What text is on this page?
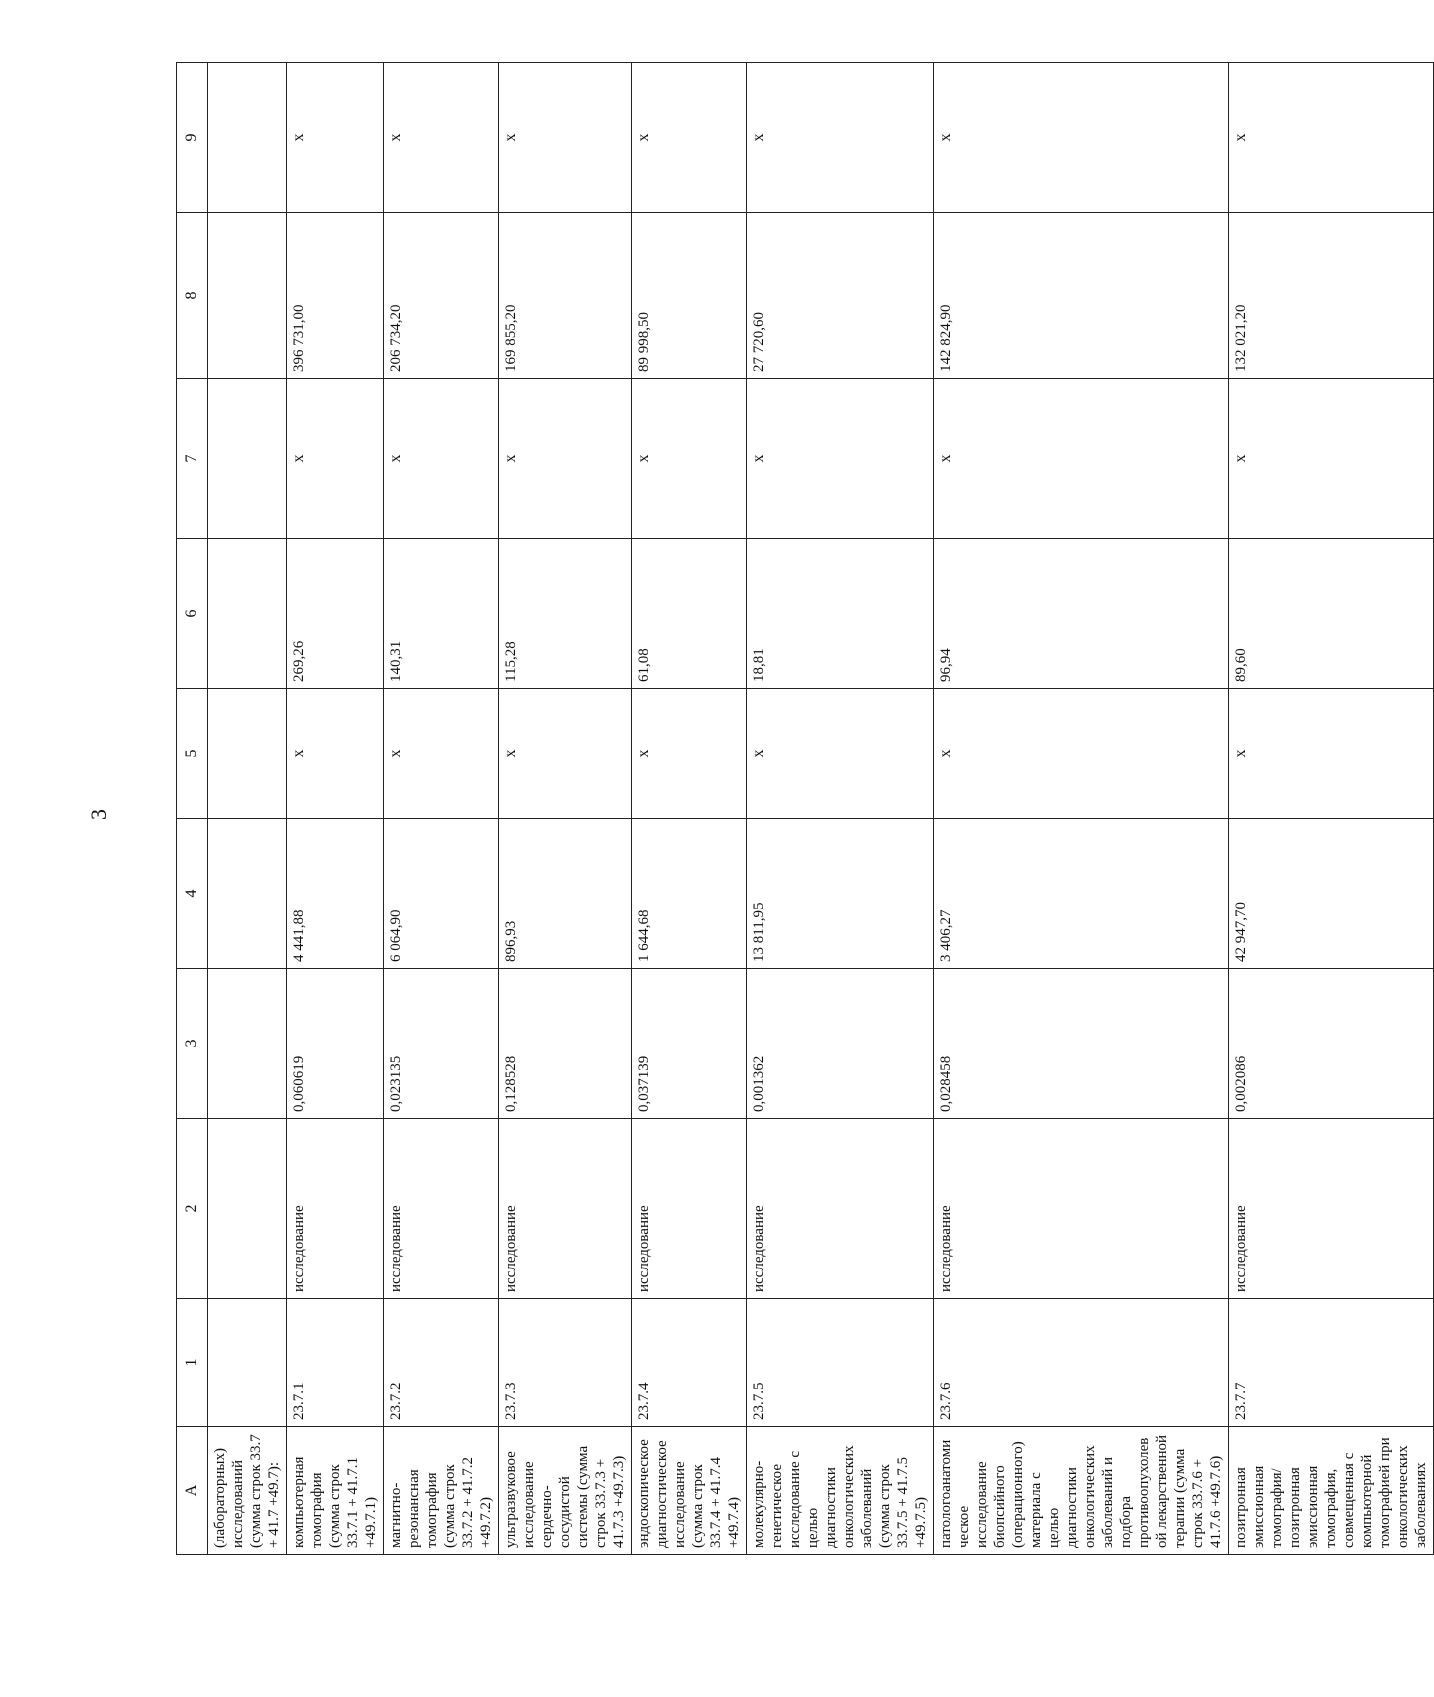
3
А	1	2	3	4	5	6	7	8	9
(лабораторных) исследований (сумма строк 33.7 + 41.7 +49.7):									
компьютерная томография (сумма строк 33.7.1 + 41.7.1 +49.7.1)	23.7.1	исследование	0,060619	4 441,88	х	269,26	х	396 731,00	х
магнитно-резонансная томография (сумма строк 33.7.2 + 41.7.2 +49.7.2)	23.7.2	исследование	0,023135	6 064,90	х	140,31	х	206 734,20	х
ультразвуковое исследование сердечно-сосудистой системы (сумма строк 33.7.3 + 41.7.3 +49.7.3)	23.7.3	исследование	0,128528	896,93	х	115,28	х	169 855,20	х
эндоскопическое диагностическое исследование (сумма строк 33.7.4 + 41.7.4 +49.7.4)	23.7.4	исследование	0,037139	1 644,68	х	61,08	х	89 998,50	х
молекулярно-генетическое исследование с целью диагностики онкологических заболеваний (сумма строк 33.7.5 + 41.7.5 +49.7.5)	23.7.5	исследование	0,001362	13 811,95	х	18,81	х	27 720,60	х
патологоанатомическое исследование биопсийного (операционного) материала с целью диагностики онкологических заболеваний и подбора противоопухолевой лекарственной терапии (сумма строк 33.7.6 + 41.7.6 +49.7.6)	23.7.6	исследование	0,028458	3 406,27	х	96,94	х	142 824,90	х
позитронная эмиссионная томография/позитронная эмиссионная томография, совмещенная с компьютерной томографией при онкологических заболеваниях	23.7.7	исследование	0,002086	42 947,70	х	89,60	х	132 021,20	х
